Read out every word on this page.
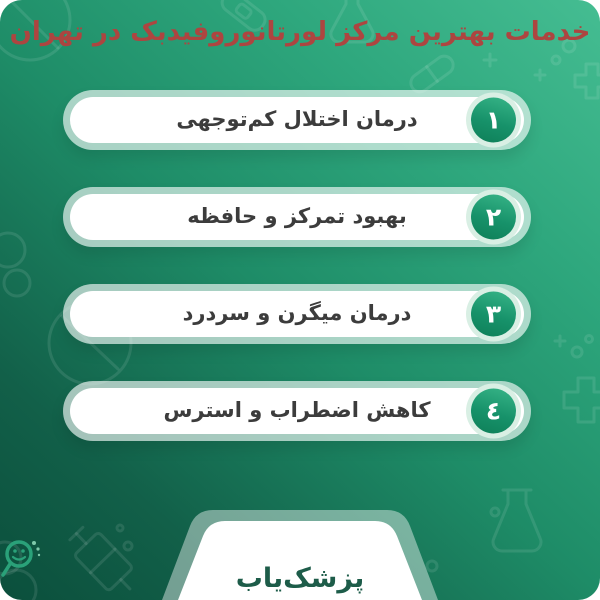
خدمات بهترین مرکز لورتانوروفیدبک در تهران
درمان اختلال کم‌توجهی	۱
بهبود تمرکز و حافظه	۲
درمان میگرن و سردرد	۳
کاهش اضطراب و استرس	٤
پزشک‌یاب
